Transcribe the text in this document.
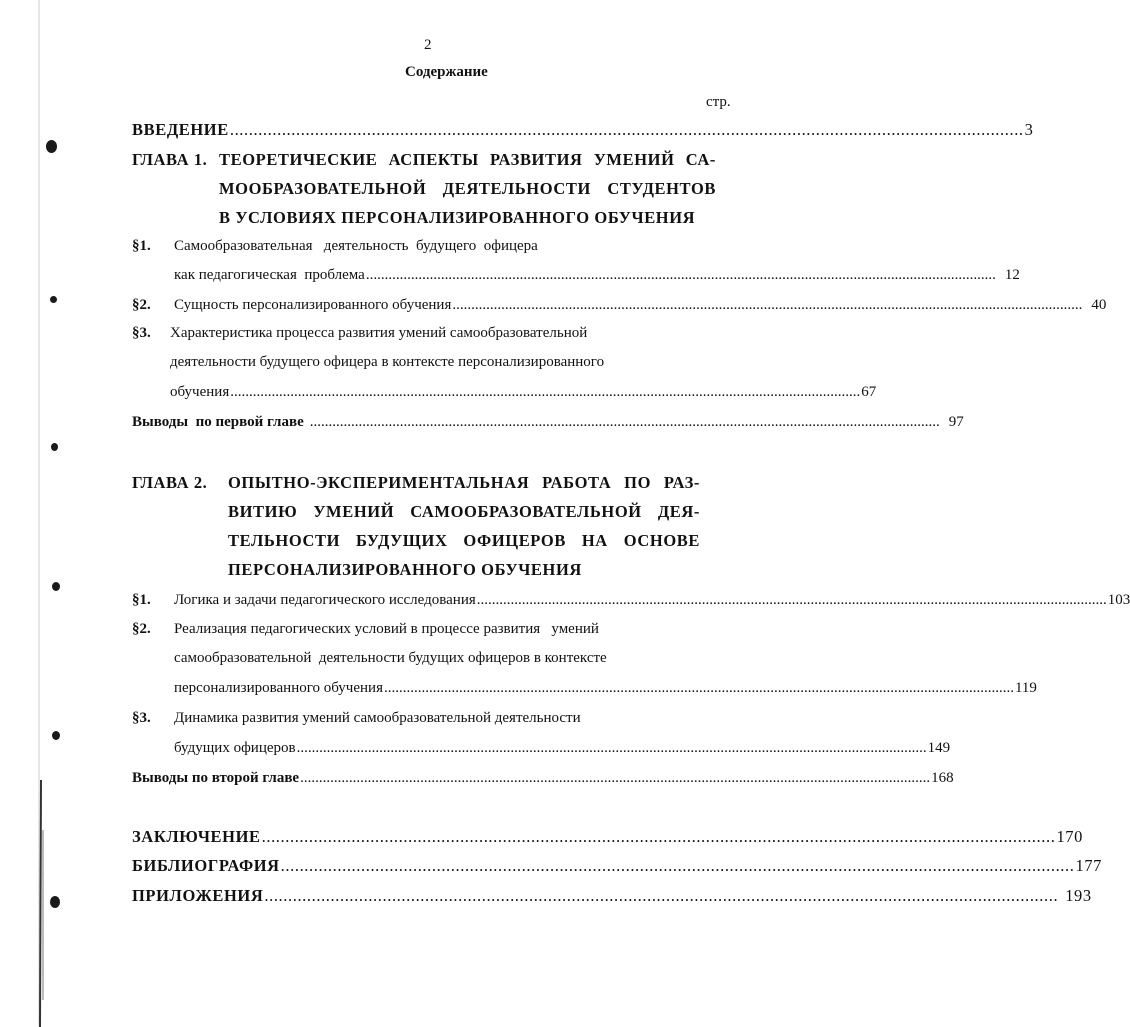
2
Содержание
стр.
ВВЕДЕНИЕ ........................................................................................................................................................................ 3
ГЛАВА 1. ТЕОРЕТИЧЕСКИЕ АСПЕКТЫ РАЗВИТИЯ УМЕНИЙ СА-
МООБРАЗОВАТЕЛЬНОЙ ДЕЯТЕЛЬНОСТИ СТУДЕНТОВ
В УСЛОВИЯХ ПЕРСОНАЛИЗИРОВАННОГО ОБУЧЕНИЯ
§1. Самообразовательная   деятельность  будущего  офицера
как педагогическая  проблема ........................................................................................................................................................................ 12
§2. Сущность персонализированного обучения ........................................................................................................................................................................ 40
§3. Характеристика процесса развития умений самообразовательной
деятельности будущего офицера в контексте персонализированного
обучения ........................................................................................................................................................................ 67
Выводы  по первой главе ........................................................................................................................................................................ 97
ГЛАВА 2. ОПЫТНО-ЭКСПЕРИМЕНТАЛЬНАЯ РАБОТА ПО РАЗ-
ВИТИЮ УМЕНИЙ САМООБРАЗОВАТЕЛЬНОЙ ДЕЯ-
ТЕЛЬНОСТИ БУДУЩИХ ОФИЦЕРОВ НА ОСНОВЕ
ПЕРСОНАЛИЗИРОВАННОГО ОБУЧЕНИЯ
§1. Логика и задачи педагогического исследования ........................................................................................................................................................................ 103
§2. Реализация педагогических условий в процессе развития   умений
самообразовательной  деятельности будущих офицеров в контексте
персонализированного обучения ........................................................................................................................................................................ 119
§3. Динамика развития умений самообразовательной деятельности
будущих офицеров ........................................................................................................................................................................ 149
Выводы по второй главе ........................................................................................................................................................................ 168
ЗАКЛЮЧЕНИЕ ........................................................................................................................................................................ 170
БИБЛИОГРАФИЯ ........................................................................................................................................................................ 177
ПРИЛОЖЕНИЯ ........................................................................................................................................................................ 193
